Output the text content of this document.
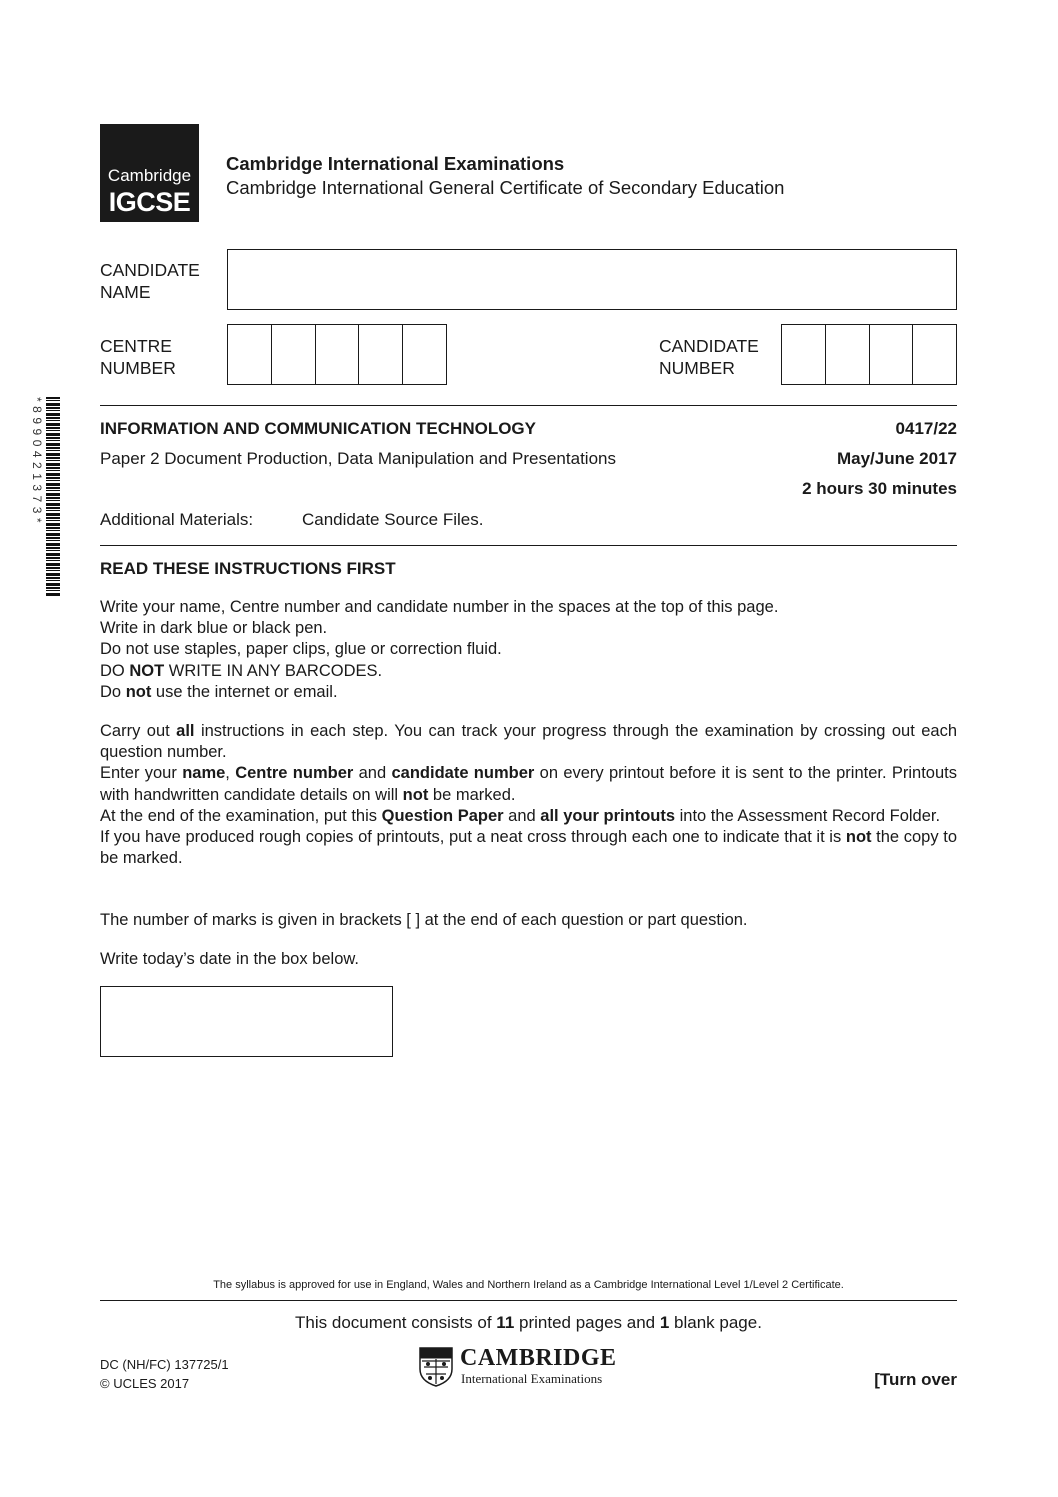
Cambridge
IGCSE
Cambridge International Examinations
Cambridge International General Certificate of Secondary Education
CANDIDATE
NAME
CENTRE
NUMBER
CANDIDATE
NUMBER
*8990421373*	INFORMATION AND COMMUNICATION TECHNOLOGY	0417/22
Paper 2 Document Production, Data Manipulation and Presentations	May/June 2017
2 hours 30 minutes
Additional Materials:	Candidate Source Files.
READ THESE INSTRUCTIONS FIRST

Write your name, Centre number and candidate number in the spaces at the top of this page.

Write in dark blue or black pen.

Do not use staples, paper clips, glue or correction fluid.

DO NOT WRITE IN ANY BARCODES.

Do not use the internet or email.

Carry out all instructions in each step. You can track your progress through the examination by crossing out each question number.

Enter your name, Centre number and candidate number on every printout before it is sent to the printer. Printouts with handwritten candidate details on will not be marked.

At the end of the examination, put this Question Paper and all your printouts into the Assessment Record Folder.

If you have produced rough copies of printouts, put a neat cross through each one to indicate that it is not the copy to be marked.

The number of marks is given in brackets [ ] at the end of each question or part question.
Write today’s date in the box below.
The syllabus is approved for use in England, Wales and Northern Ireland as a Cambridge International Level 1/Level 2 Certificate.
This document consists of 11 printed pages and 1 blank page.
DC (NH/FC) 137725/1
© UCLES 2017
CAMBRIDGE
International Examinations	[Turn over
